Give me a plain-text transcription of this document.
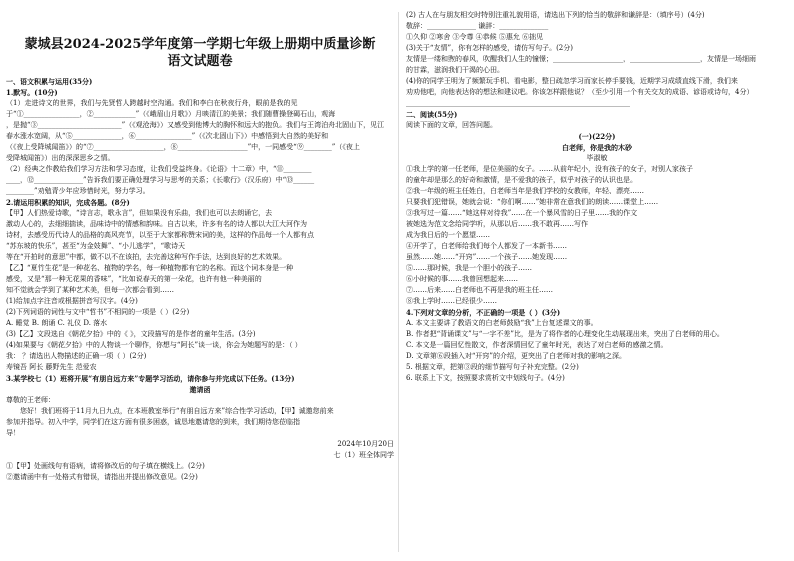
蒙城县2024-2025学年度第一学期七年级上册期中质量诊断
语文试题卷
一、语文积累与运用(35分)
1.默写。(10分)
（1）走进诗文的世界，我们与先贤哲人跨越时空沟通。我们和李白在秋夜行舟，眼前是我的见
于“①________________，②____________”（《峨眉山月歌》）月映清江的美景；我们随曹操登碣石山，观海
，是抛“③________________________”（《观沧海》）又感受到他博大的胸怀和远大的抱负。我们与王湾泊舟北固山下，见江
春水涨水宽阔，从“⑤______________，⑥________________”（《次北固山下》）中感悟到大自然的美好和
（《夜上受降城闻笛》）的“⑦____________________，⑧____________________”中，一同感受“⑨________”（《夜上
受降城闻笛》）出的深深思乡之情。
（2）经典之作教给我们学习方法和学习态度，让我们受益终身。《论语》十二章）中，“⑪________
____，⑫______________”告诉我们要正确处理学习与思考的关系；《长歌行》（汉乐府）中“⑬______
________”劝勉青少年应珍惜时光，努力学习。
2.请运用积累的知识，完成各题。(8分)
【甲】人们热爱诗歌，“诗言志，歌永言”，但如果没有乐曲，我们也可以去朗诵它，去
激动人心的，去细细揣读，品味诗中的情感和韵味。自古以来，许多有名的诗人都以大江大河作为
诗材，去感受历代诗人的品格的高风亮节，以至于大家都称赞宋词的美，这样的作品每一个人都有点
“苏东坡的快乐”，甚至“为金妓舞”、“小儿逃学”，“歌诗天
等在“开拍时的意思”中都，做不以不在该拍，去完善这种写作手法，达到良好的艺术效果。
【乙】“夏竹生花”是一种花名、植物的学名，每一种植物都有它的名称。而这个词本身是一种
感受，又是“那一种无花果的香味”，“比如说春天的第一朵花，也许有他一种美丽的
知不觉就会学到了某种艺术美，但每一次都会看到……
(1)给加点字注音或根据拼音写汉字。(4分)
(2)下列词语的词性与文中“哲书”不相同的一项是（ ）(2分)
A. 睡觉 B. 朗诵 C. 礼仪 D. 落水
(3)【乙】文段选自《朝花夕拾》中的《 》，文段描写的是作者的童年生活。(3分)
(4)如果要与《朝花夕拾》中的人物谈一个聊作，你想与“阿长”谈一谈，你会为她题写的是：（ ）
我： ？请选出人物描述的正确一项（ ）(2分)
寿镜吾 阿长 藤野先生 范爱农
3.某学校七（1）班将开展“有朋自远方来”专题学习活动，请你参与并完成以下任务。(13分)
邀请函
尊敬的王老师：
您好！我们班将于11月九日九点，在本班教室举行“有朋自远方来”综合性学习活动，【甲】诚邀您前来
参加并指导。初入中学，同学们在这方面有很多困惑，诚恳地邀请您的到来，我们期待您莅临指
导！
2024年10月20日
七（1）班全体同学
①【甲】处画线句有语病，请将修改后的句子填在横线上。(2分)
②邀请函中有一处格式有错误，请指出并提出修改意见。(2分)
(2) 古人在与朋友相交时特别注重礼貌用语，请选出下列的恰当的敬辞和谦辞是：（填序号）(4分)
敬辞：______________ 谦辞：______________
①久仰 ②寒舍 ③令尊 ④恭候 ⑤惠允 ⑥拙见
(3)关于“友情”，你有怎样的感受，请仿写句子。(2分)
友情是一缕和煦的春风，吹醒我们人生的憧憬；____________________，____________________，友情是一场细雨
的甘霖，滋润我们干渴的心田。
(4)你的同学王明为了频繁玩手机、看电影，整日疏忽学习而家长停手要钱，近期学习成绩直线下滑，我们来
劝劝他吧，向他表达你的想法和建议吧。你该怎样跟他说？（至少引用一个有关交友的成语、谚语或诗句，4分）
________________________________________________________________
二、阅读(55分)
阅读下面的文章，回答问题。
(一)(22分)
白老师，你是我的木砂
毕淑敏
①我上学的第一任老师，是位美丽的女子。……从前年纪小，没有孩子的女子，对别人家孩子
的童年却是那么的好奇和激情，是不爱我的孩子，似乎对孩子的认识也是。
②我一年级的班主任姓白，白老师当年是我们学校的女教师，年轻、漂亮……
只要我们犯错误，她就会说：“你们啊……”她非常在意我们的朗读……课堂上……
③我写过一篇……“她这样对待我”……在一个暴风雪的日子里……我的作文
被她选为范文念给同学听，从那以后……我不敢再……写作
成为我日后的一个愿望……
④开学了，白老师给我们每个人都发了一本新书……
虽然……她……“开窍”……一个孩子……她发现……
⑤……那时候，我是一个胆小的孩子……
⑥小时候的事……我曾回想起来……
⑦……后来……白老师也不再是我的班主任……
⑧我上学时……已经很少……
4.下列对文章的分析，不正确的一项是（ ）(3分)
A. 本文主要讲了教语文的白老师鼓励“我”上台复述课文的事。
B. 作者把“背诵课文”与“一字不差”比，是为了将作者的心理变化生动展现出来，突出了白老师的用心。
C. 本文是一篇回忆性散文，作者深情回忆了童年时光，表达了对白老师的感激之情。
D. 文章第⑥段插入对“开窍”的介绍，更突出了白老师对我的影响之深。
5. 根据文章，把第③段的细节描写句子补充完整。(2分)
6. 联系上下文，按照要求赏析文中划线句子。(4分)
